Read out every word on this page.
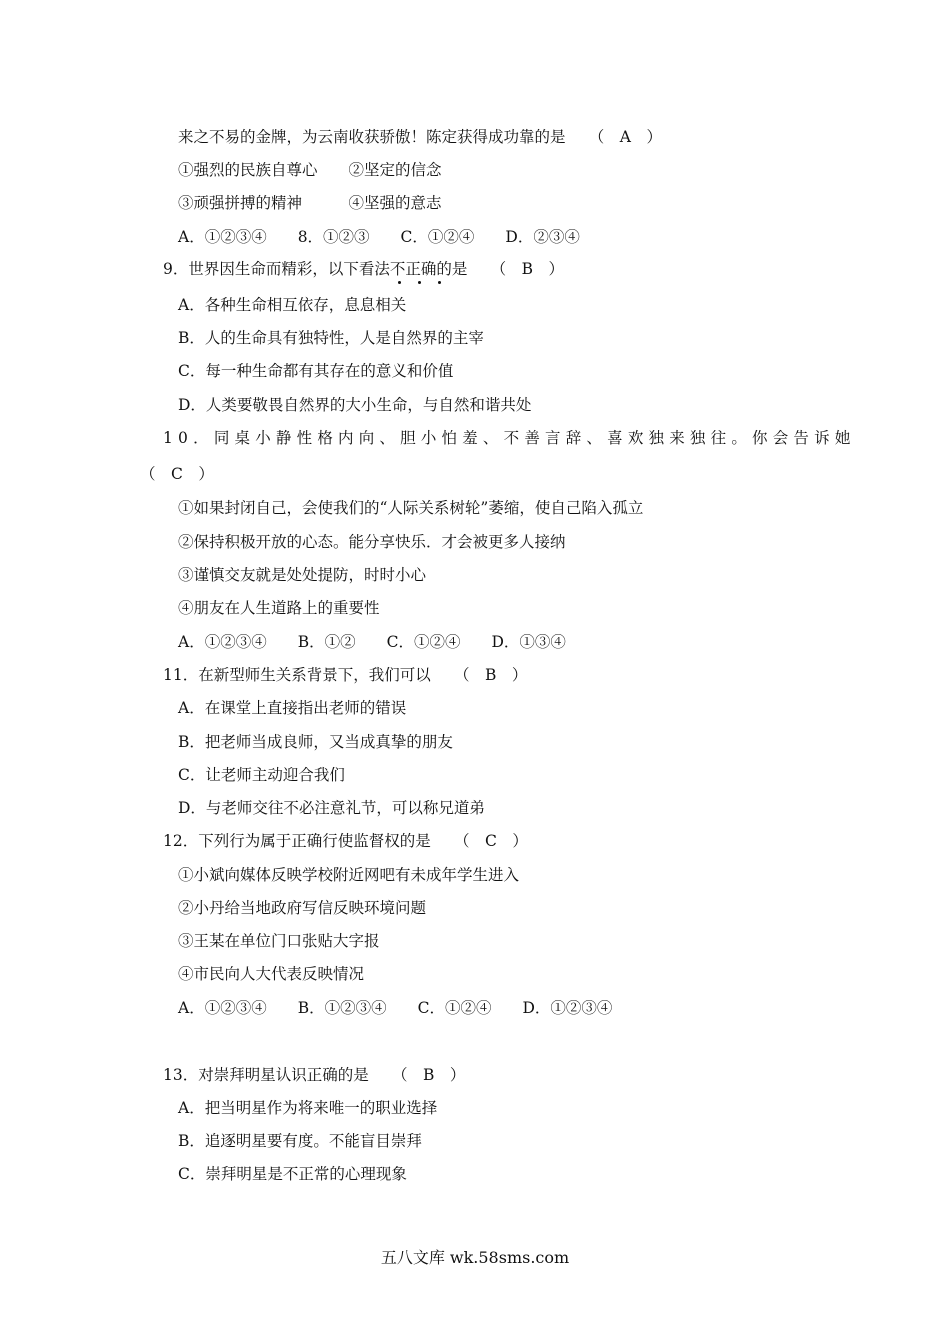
来之不易的金牌，为云南收获骄傲！陈定获得成功靠的是　　（　A　）
①强烈的民族自尊心　　②坚定的信念
③顽强拼搏的精神　　　④坚强的意志
A．①②③④　　8．①②③　　C．①②④　　D．②③④
9．世界因生命而精彩，以下看法不正确的是　　（　B　）
A．各种生命相互依存，息息相关
B．人的生命具有独特性，人是自然界的主宰
C．每一种生命都有其存在的意义和价值
D．人类要敬畏自然界的大小生命，与自然和谐共处
10．同桌小静性格内向、胆小怕羞、不善言辞、喜欢独来独往。你会告诉她
（　C　）
①如果封闭自己，会使我们的“人际关系树轮”萎缩，使自己陷入孤立
②保持积极开放的心态。能分享快乐．才会被更多人接纳
③谨慎交友就是处处提防，时时小心
④朋友在人生道路上的重要性
A．①②③④　　B．①②　　C．①②④　　D．①③④
11．在新型师生关系背景下，我们可以　　（　B　）
A．在课堂上直接指出老师的错误
B．把老师当成良师，又当成真挚的朋友
C．让老师主动迎合我们
D．与老师交往不必注意礼节，可以称兄道弟
12．下列行为属于正确行使监督权的是　　（　C　）
①小斌向媒体反映学校附近网吧有未成年学生进入
②小丹给当地政府写信反映环境问题
③王某在单位门口张贴大字报
④市民向人大代表反映情况
A．①②③④　　B．①②③④　　C．①②④　　D．①②③④
13．对崇拜明星认识正确的是　　（　B　）
A．把当明星作为将来唯一的职业选择
B．追逐明星要有度。不能盲目崇拜
C．崇拜明星是不正常的心理现象
五八文库 wk.58sms.com
